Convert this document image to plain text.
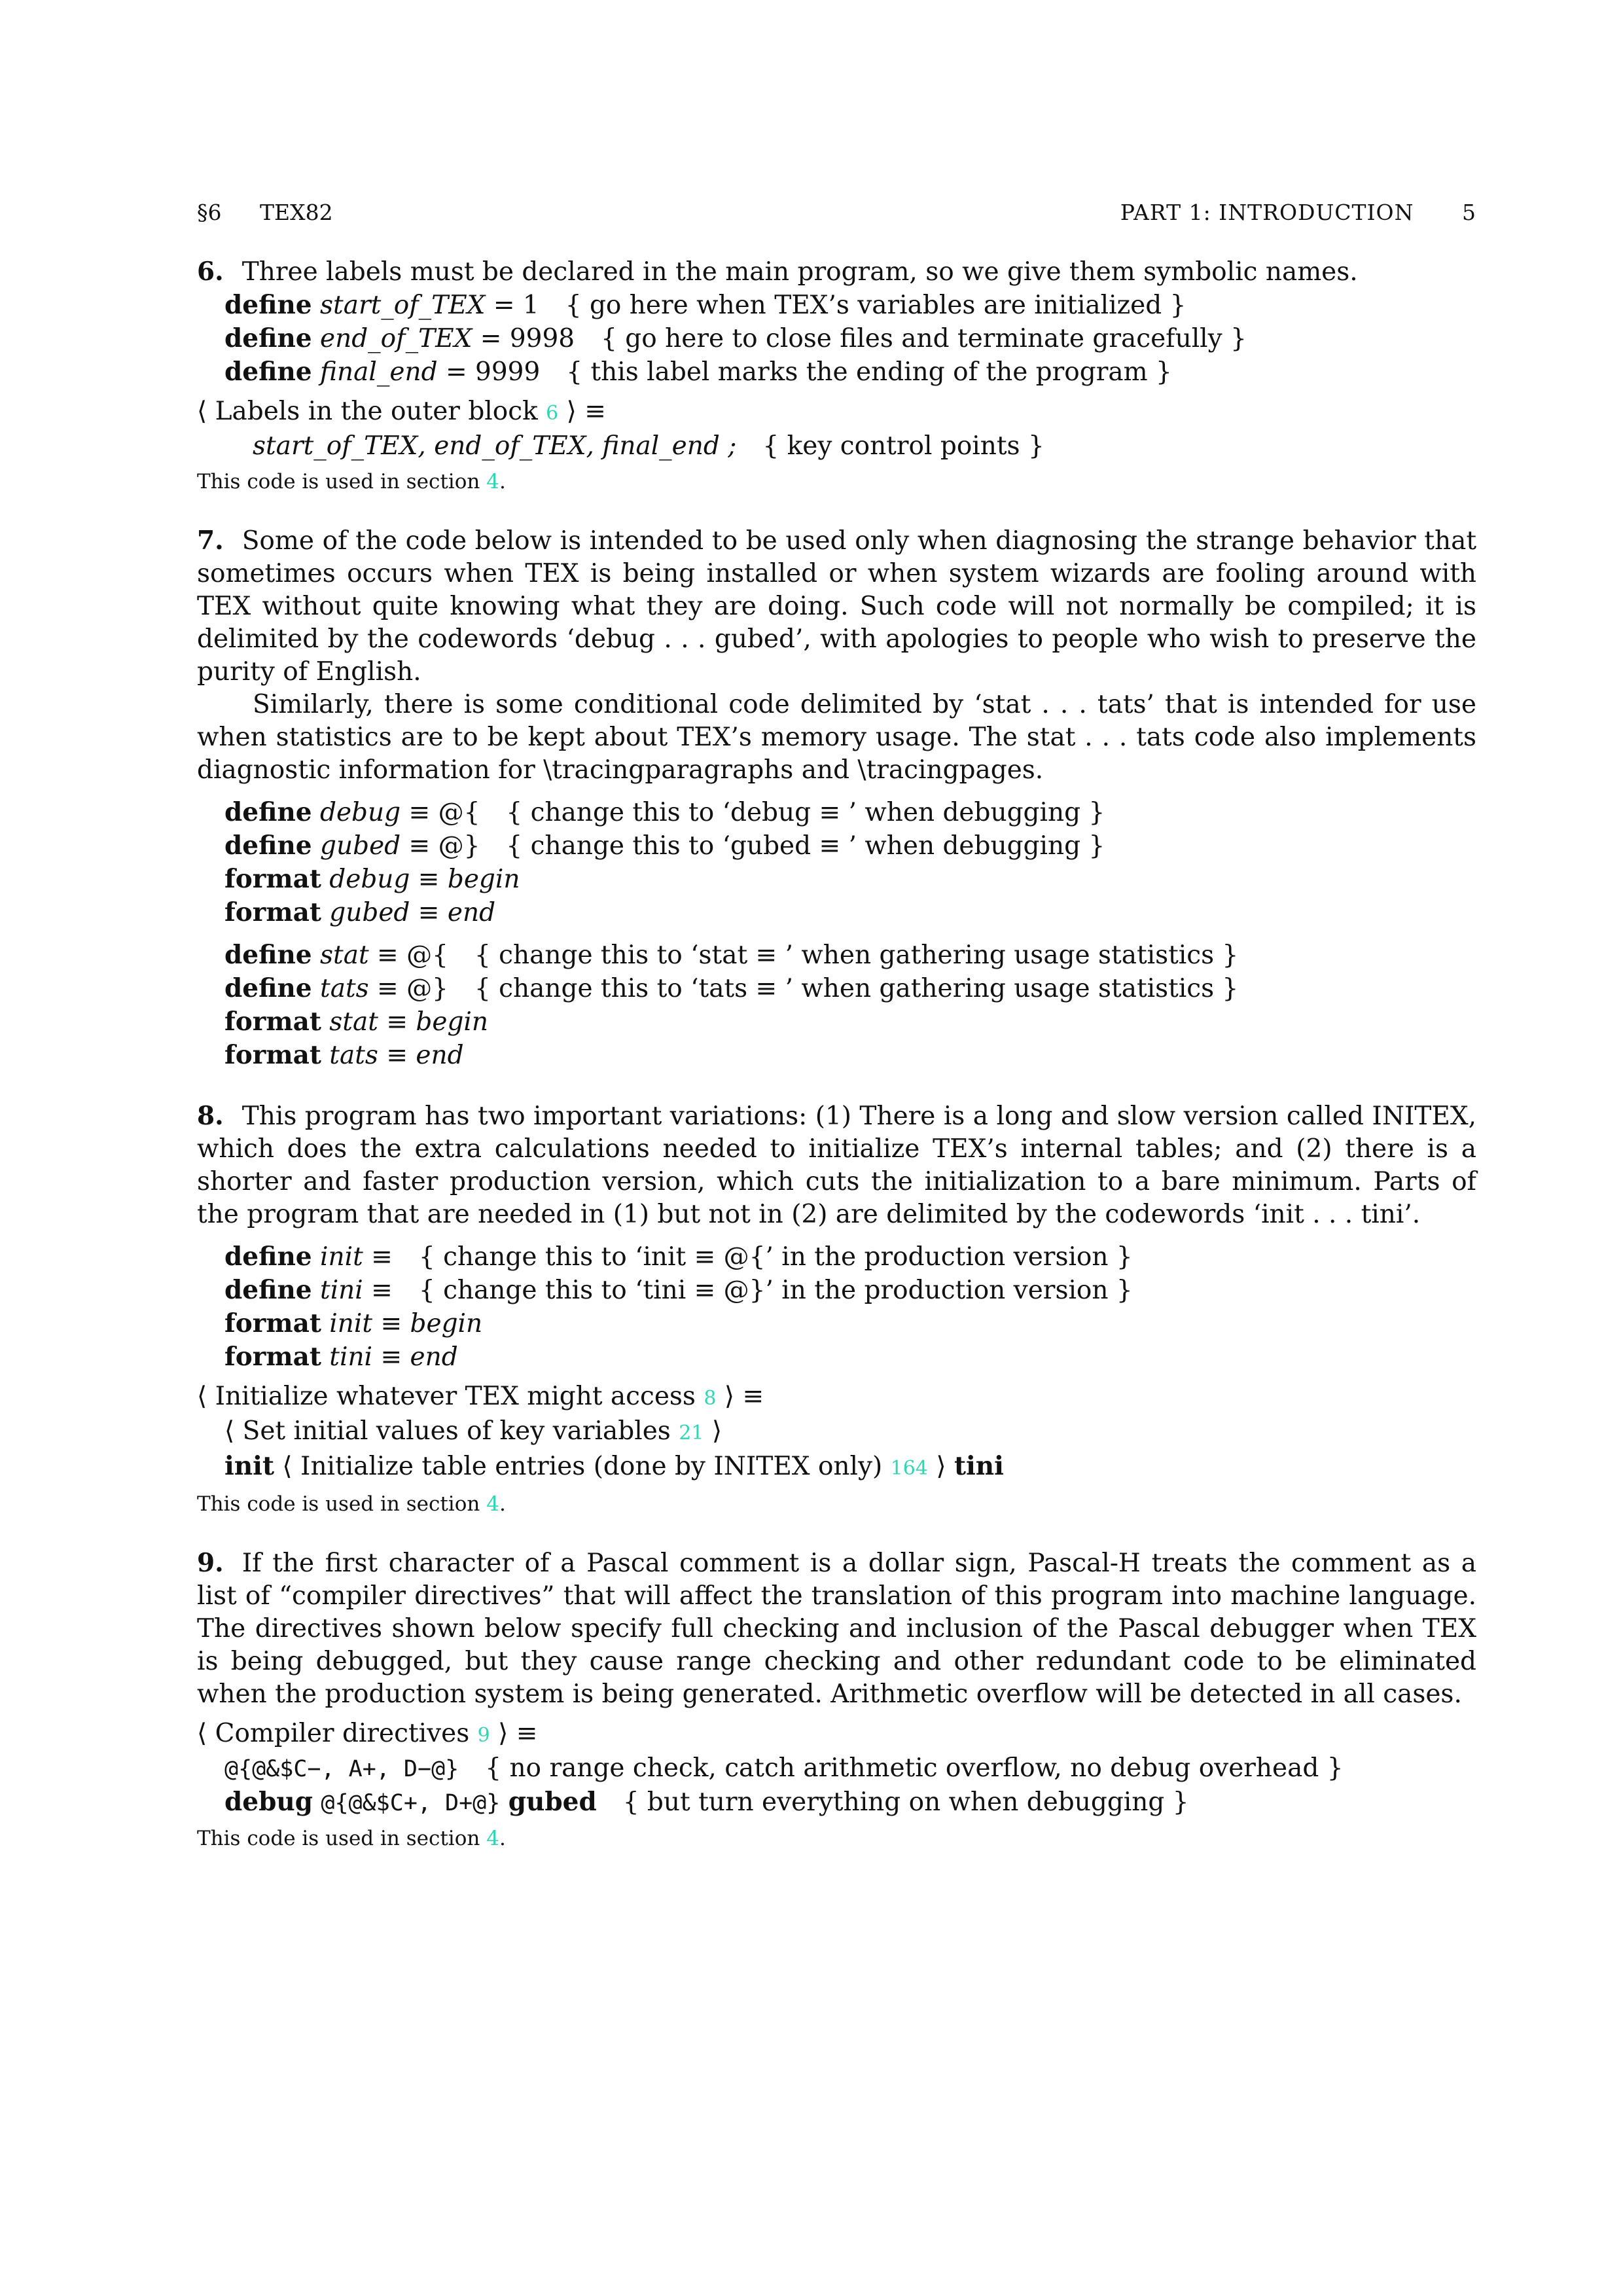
§6 TEX82	PART 1: INTRODUCTION 5

6. Three labels must be declared in the main program, so we give them symbolic names.

define start_of_TEX = 1 { go here when TEX’s variables are initialized }
define end_of_TEX = 9998 { go here to close files and terminate gracefully }
define final_end = 9999 { this label marks the ending of the program }
⟨ Labels in the outer block 6 ⟩ ≡
start_of_TEX, end_of_TEX, final_end ; { key control points }
This code is used in section 4.

7. Some of the code below is intended to be used only when diagnosing the strange behavior that sometimes occurs when TEX is being installed or when system wizards are fooling around with TEX without quite knowing what they are doing. Such code will not normally be compiled; it is delimited by the codewords ‘debug . . . gubed’, with apologies to people who wish to preserve the purity of English.

Similarly, there is some conditional code delimited by ‘stat . . . tats’ that is intended for use when statistics are to be kept about TEX’s memory usage. The stat . . . tats code also implements diagnostic information for \tracingparagraphs and \tracingpages.

define debug ≡ @{ { change this to ‘debug ≡ ’ when debugging }
define gubed ≡ @} { change this to ‘gubed ≡ ’ when debugging }
format debug ≡ begin
format gubed ≡ end
define stat ≡ @{ { change this to ‘stat ≡ ’ when gathering usage statistics }
define tats ≡ @} { change this to ‘tats ≡ ’ when gathering usage statistics }
format stat ≡ begin
format tats ≡ end

8. This program has two important variations: (1) There is a long and slow version called INITEX, which does the extra calculations needed to initialize TEX’s internal tables; and (2) there is a shorter and faster production version, which cuts the initialization to a bare minimum. Parts of the program that are needed in (1) but not in (2) are delimited by the codewords ‘init . . . tini’.

define init ≡ { change this to ‘init ≡ @{’ in the production version }
define tini ≡ { change this to ‘tini ≡ @}’ in the production version }
format init ≡ begin
format tini ≡ end
⟨ Initialize whatever TEX might access 8 ⟩ ≡
⟨ Set initial values of key variables 21 ⟩
init ⟨ Initialize table entries (done by INITEX only) 164 ⟩ tini
This code is used in section 4.

9. If the first character of a Pascal comment is a dollar sign, Pascal-H treats the comment as a list of “compiler directives” that will affect the translation of this program into machine language. The directives shown below specify full checking and inclusion of the Pascal debugger when TEX is being debugged, but they cause range checking and other redundant code to be eliminated when the production system is being generated. Arithmetic overflow will be detected in all cases.

⟨ Compiler directives 9 ⟩ ≡
@{@&$C−, A+, D−@} { no range check, catch arithmetic overflow, no debug overhead }
debug @{@&$C+, D+@} gubed { but turn everything on when debugging }
This code is used in section 4.
